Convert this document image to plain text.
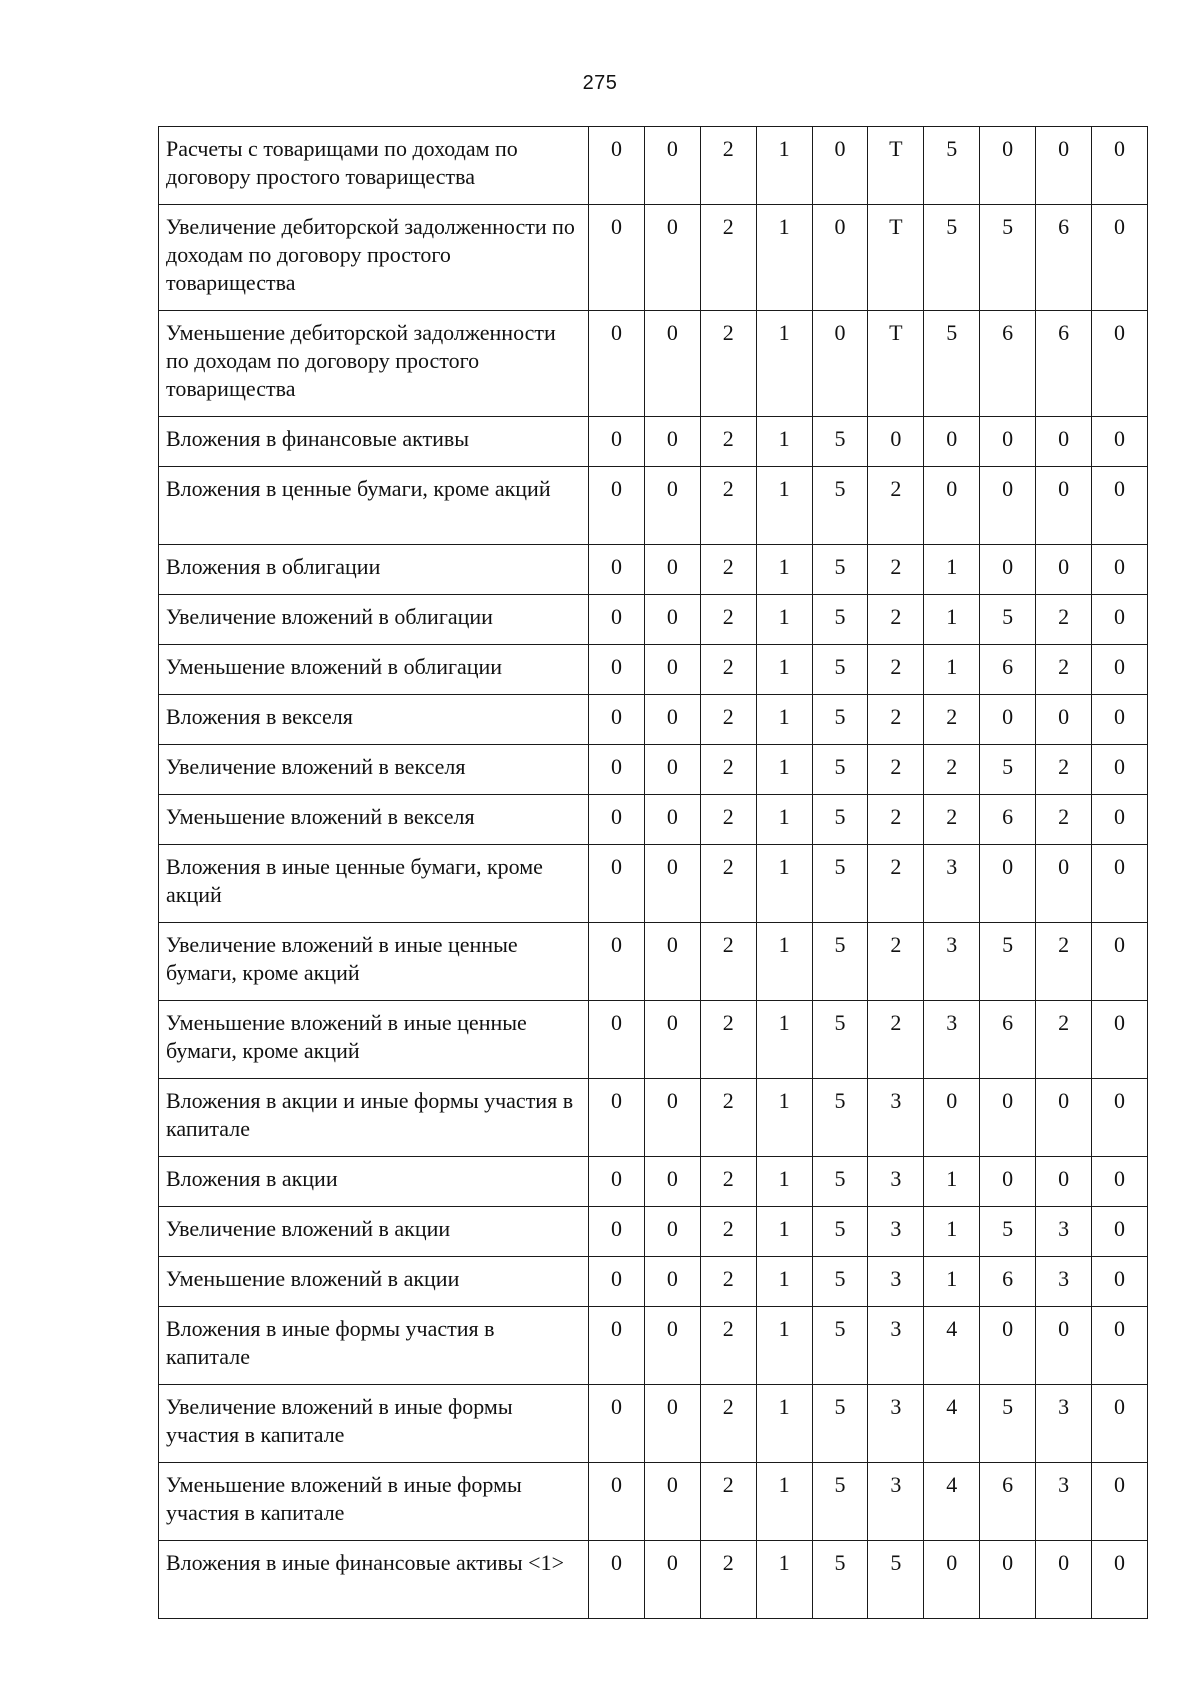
275
Расчеты с товарищами по доходам по договору простого товарищества	0	0	2	1	0	Т	5	0	0	0
Увеличение дебиторской задолженности по доходам по договору простого товарищества	0	0	2	1	0	Т	5	5	6	0
Уменьшение дебиторской задолженности по доходам по договору простого товарищества	0	0	2	1	0	Т	5	6	6	0
Вложения в финансовые активы	0	0	2	1	5	0	0	0	0	0
Вложения в ценные бумаги, кроме акций	0	0	2	1	5	2	0	0	0	0
Вложения в облигации	0	0	2	1	5	2	1	0	0	0
Увеличение вложений в облигации	0	0	2	1	5	2	1	5	2	0
Уменьшение вложений в облигации	0	0	2	1	5	2	1	6	2	0
Вложения в векселя	0	0	2	1	5	2	2	0	0	0
Увеличение вложений в векселя	0	0	2	1	5	2	2	5	2	0
Уменьшение вложений в векселя	0	0	2	1	5	2	2	6	2	0
Вложения в иные ценные бумаги, кроме акций	0	0	2	1	5	2	3	0	0	0
Увеличение вложений в иные ценные бумаги, кроме акций	0	0	2	1	5	2	3	5	2	0
Уменьшение вложений в иные ценные бумаги, кроме акций	0	0	2	1	5	2	3	6	2	0
Вложения в акции и иные формы участия в капитале	0	0	2	1	5	3	0	0	0	0
Вложения в акции	0	0	2	1	5	3	1	0	0	0
Увеличение вложений в акции	0	0	2	1	5	3	1	5	3	0
Уменьшение вложений в акции	0	0	2	1	5	3	1	6	3	0
Вложения в иные формы участия в капитале	0	0	2	1	5	3	4	0	0	0
Увеличение вложений в иные формы участия в капитале	0	0	2	1	5	3	4	5	3	0
Уменьшение вложений в иные формы участия в капитале	0	0	2	1	5	3	4	6	3	0
Вложения в иные финансовые активы <1>	0	0	2	1	5	5	0	0	0	0
